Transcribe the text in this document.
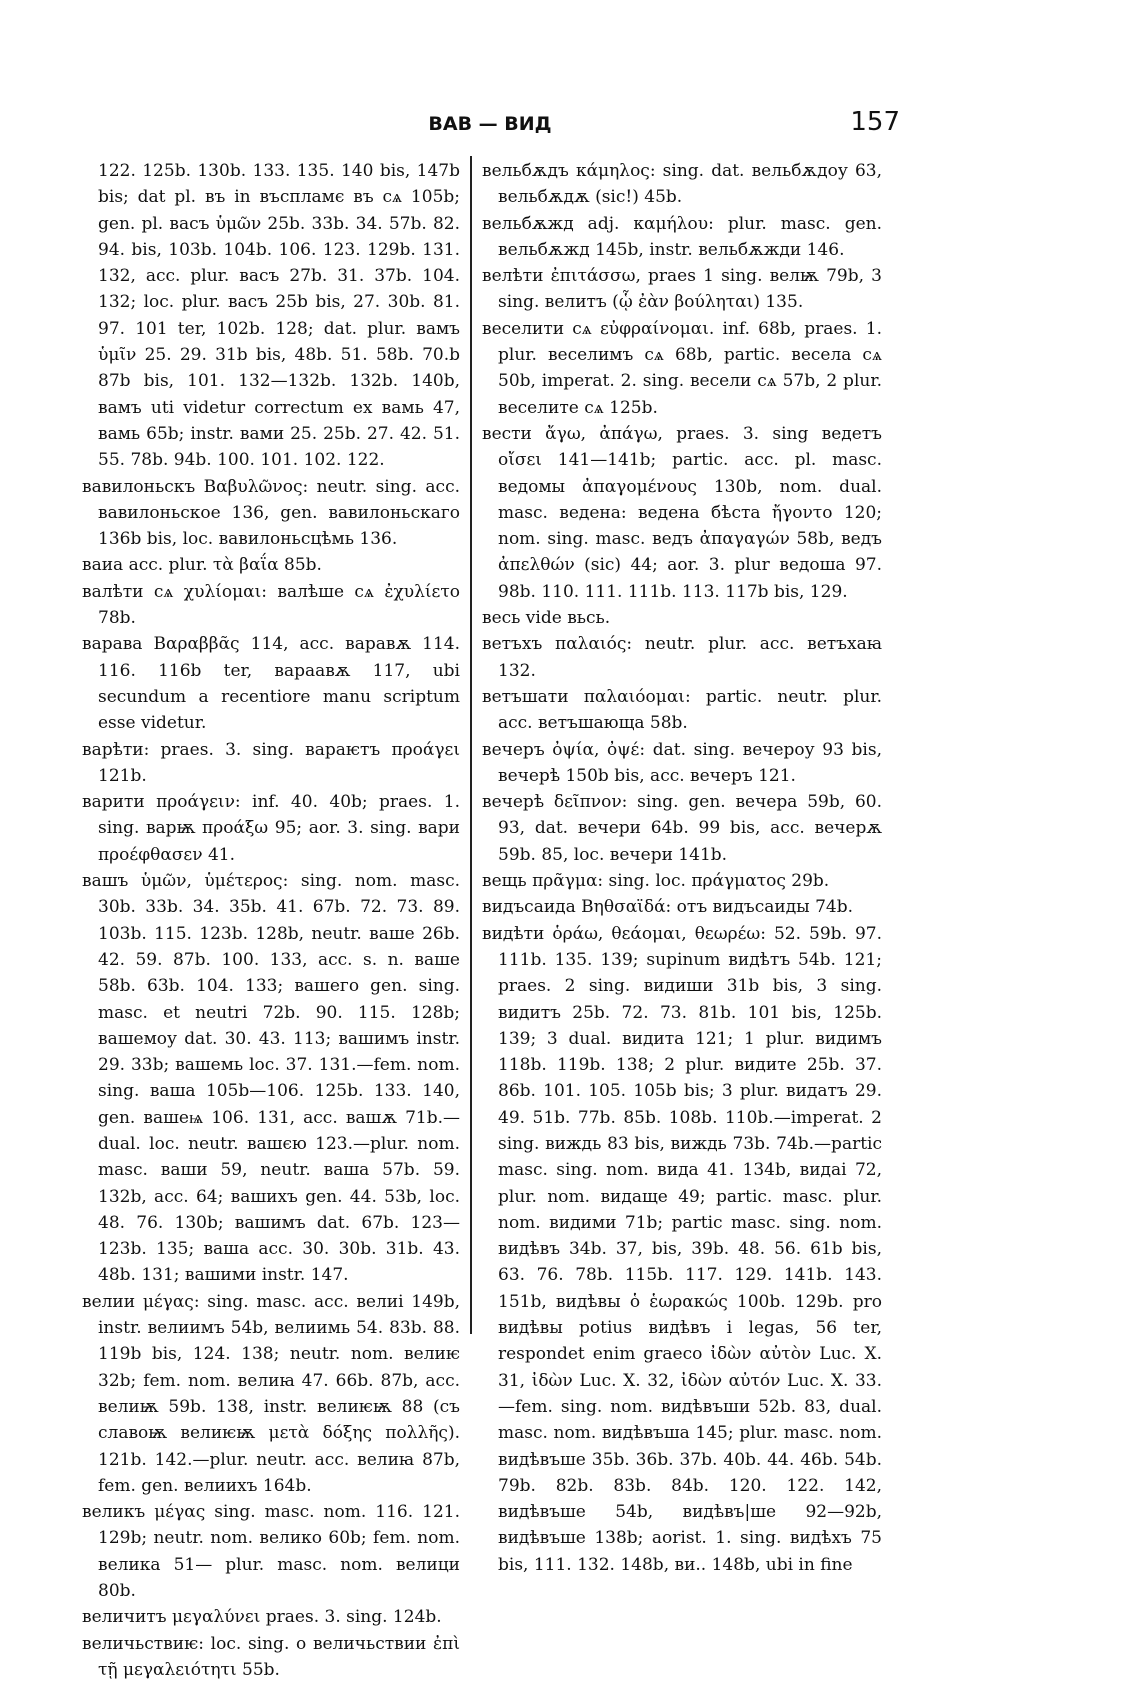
ВАВ — ВИД	157

122. 125b. 130b. 133. 135. 140 bis, 147b bis; dat pl. въ in въспламє въ сѧ 105b; gen. pl. васъ ὑμῶν 25b. 33b. 34. 57b. 82. 94. bis, 103b. 104b. 106. 123. 129b. 131. 132, acc. plur. васъ 27b. 31. 37b. 104. 132; loc. plur. васъ 25b bis, 27. 30b. 81. 97. 101 ter, 102b. 128; dat. plur. вамъ ὑμῖν 25. 29. 31b bis, 48b. 51. 58b. 70.b 87b bis, 101. 132—132b. 132b. 140b, вамъ uti videtur correctum ex вамь 47, вамь 65b; instr. вами 25. 25b. 27. 42. 51. 55. 78b. 94b. 100. 101. 102. 122.

вавилоньскъ Βαβυλῶνος: neutr. sing. acc. вавилоньское 136, gen. вавилоньскаго 136b bis, loc. вавилоньсцѣмь 136.

ваиа acc. plur. τὰ βαΐα 85b.

валѣти сѧ χυλίομαι: валѣше сѧ ἐχυλίετο 78b.

варава Βαραββᾶς 114, acc. варавѫ 114. 116. 116b ter, вараавѫ 117, ubi secundum а recentiore manu scriptum esse videtur.

варѣти: praes. 3. sing. вараѥтъ προάγει 121b.

варити προάγειν: inf. 40. 40b; praes. 1. sing. варѭ προάξω 95; aor. 3. sing. вари προέφθασεν 41.

вашъ ὑμῶν, ὑμέτερος: sing. nom. masc. 30b. 33b. 34. 35b. 41. 67b. 72. 73. 89. 103b. 115. 123b. 128b, neutr. ваше 26b. 42. 59. 87b. 100. 133, acc. s. n. ваше 58b. 63b. 104. 133; вашего gen. sing. masc. et neutri 72b. 90. 115. 128b; вашемоу dat. 30. 43. 113; вашимъ instr. 29. 33b; вашемь loc. 37. 131.—fem. nom. sing. ваша 105b—106. 125b. 133. 140, gen. вашеѩ 106. 131, acc. вашѫ 71b.—dual. loc. neutr. вашєю 123.—plur. nom. masc. ваши 59, neutr. ваша 57b. 59. 132b, acc. 64; вашихъ gen. 44. 53b, loc. 48. 76. 130b; вашимъ dat. 67b. 123—123b. 135; ваша acc. 30. 30b. 31b. 43. 48b. 131; вашими instr. 147.

велии μέγας: sing. masc. acc. велиі 149b, instr. велиимъ 54b, велиимь 54. 83b. 88. 119b bis, 124. 138; neutr. nom. велиѥ 32b; fem. nom. велиꙗ 47. 66b. 87b, acc. велиѭ 59b. 138, instr. велиѥѭ 88 (съ славоѭ велиѥѭ μετὰ δόξης πολλῆς). 121b. 142.—plur. neutr. acc. велиꙗ 87b, fem. gen. велиихъ 164b.

великъ μέγας sing. masc. nom. 116. 121. 129b; neutr. nom. велико 60b; fem. nom. велика 51— plur. masc. nom. велици 80b.

величитъ μεγαλύνει praes. 3. sing. 124b.

величьствиѥ: loc. sing. о величьствии ἐπὶ τῇ μεγαλειότητι 55b.

вельбѫдъ κάμηλος: sing. dat. вельбѫдоу 63, вельбѫдѫ (sic!) 45b.

вельбѫжд adj. καμήλου: plur. masc. gen. вельбѫжд 145b, instr. вельбѫжди 146.

велѣти ἐπιτάσσω, praes 1 sing. велѭ 79b, 3 sing. велитъ (ᾧ ἐὰν βούληται) 135.

веселити сѧ εὐφραίνομαι. inf. 68b, praes. 1. plur. веселимъ сѧ 68b, partic. весела сѧ 50b, imperat. 2. sing. весели сѧ 57b, 2 plur. веселите сѧ 125b.

вести ἄγω, ἀπάγω, praes. 3. sing ведетъ οἴσει 141—141b; partic. acc. pl. masc. ведомы ἀπαγομένους 130b, nom. dual. masc. ведена: ведена бѣста ἤγοντο 120; nom. sing. masc. ведъ ἀπαγαγών 58b, ведъ ἀπελθών (sic) 44; aor. 3. plur ведоша 97. 98b. 110. 111. 111b. 113. 117b bis, 129.

весь vide вьсь.

ветъхъ παλαιός: neutr. plur. acc. ветъхаꙗ 132.

ветъшати παλαιόομαι: partic. neutr. plur. acc. ветъшающа 58b.

вечеръ ὀψία, ὀψέ: dat. sing. вечероу 93 bis, вечерѣ 150b bis, acc. вечеръ 121.

вечерѣ δεῖπνον: sing. gen. вечера 59b, 60. 93, dat. вечери 64b. 99 bis, acc. вечерѫ 59b. 85, loc. вечери 141b.

вещь πρᾶγμα: sing. loc. πράγματος 29b.

видъсаида Βηθσαϊδά: отъ видъсаиды 74b.

видѣти ὁράω, θεάομαι, θεωρέω: 52. 59b. 97. 111b. 135. 139; supinum видѣтъ 54b. 121; praes. 2 sing. видиши 31b bis, 3 sing. видитъ 25b. 72. 73. 81b. 101 bis, 125b. 139; 3 dual. видита 121; 1 plur. видимъ 118b. 119b. 138; 2 plur. видите 25b. 37. 86b. 101. 105. 105b bis; 3 plur. видатъ 29. 49. 51b. 77b. 85b. 108b. 110b.—imperat. 2 sing. виждь 83 bis, виждь 73b. 74b.—partic masc. sing. nom. вида 41. 134b, видаі 72, plur. nom. видаще 49; partic. masc. plur. nom. видими 71b; partic masc. sing. nom. видѣвъ 34b. 37, bis, 39b. 48. 56. 61b bis, 63. 76. 78b. 115b. 117. 129. 141b. 143. 151b, видѣвы ὁ ἑωρακώς 100b. 129b. pro видѣвы potius видѣвъ і legas, 56 ter, respondet enim graeco ἰδὼν αὐτὸν Luc. X. 31, ἰδὼν Luc. X. 32, ἰδὼν αὐτόν Luc. X. 33.—fem. sing. nom. видѣвъши 52b. 83, dual. masc. nom. видѣвъша 145; plur. masc. nom. видѣвъше 35b. 36b. 37b. 40b. 44. 46b. 54b. 79b. 82b. 83b. 84b. 120. 122. 142, видѣвъше 54b, видѣвъ|ше 92—92b, видѣвъше 138b; aorist. 1. sing. видѣхъ 75 bis, 111. 132. 148b, ви.. 148b, ubi in fine
